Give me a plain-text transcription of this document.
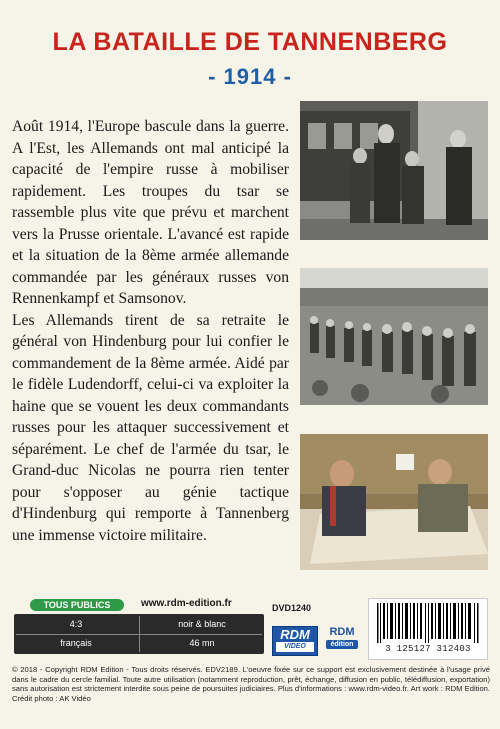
LA BATAILLE DE TANNENBERG
- 1914 -

Août 1914, l'Europe bascule dans la guerre. A l'Est, les Allemands ont mal anticipé la capacité de l'empire russe à mobiliser rapidement. Les troupes du tsar se rassemble plus vite que prévu et marchent vers la Prusse orientale. L'avancé est rapide et la situation de la 8ème armée allemande commandée par les généraux russes von Rennenkampf et Samsonov.
Les Allemands tirent de sa retraite le général von Hindenburg pour lui confier le commandement de la 8ème armée. Aidé par le fidèle Ludendorff, celui-ci va exploiter la haine que se vouent les deux commandants russes pour les attaquer successivement et séparément. Le chef de l'armée du tsar, le Grand-duc Nicolas ne pourra rien tenter pour s'opposer au génie tactique d'Hindenburg qui remporte à Tannenberg une immense victoire militaire.

TOUS PUBLICS	www.rdm-edition.fr	DVD1240
4:3	noir & blanc
français	46 mn
RDM
VIDEO
RDM
édition	3 125127 312403

© 2018 - Copyright RDM Edition - Tous droits réservés. EDV2189. L'oeuvre fixée sur ce support est exclusivement destinée à l'usage privé dans le cadre du cercle familial. Toute autre utilisation (notamment reproduction, prêt, échange, diffusion en public, télédiffusion, exportation) sans autorisation est strictement interdite sous peine de poursuites judiciaires. Plus d'informations : www.rdm-video.fr. Art work : RDM Edition. Crédit photo : AK Vidéo
